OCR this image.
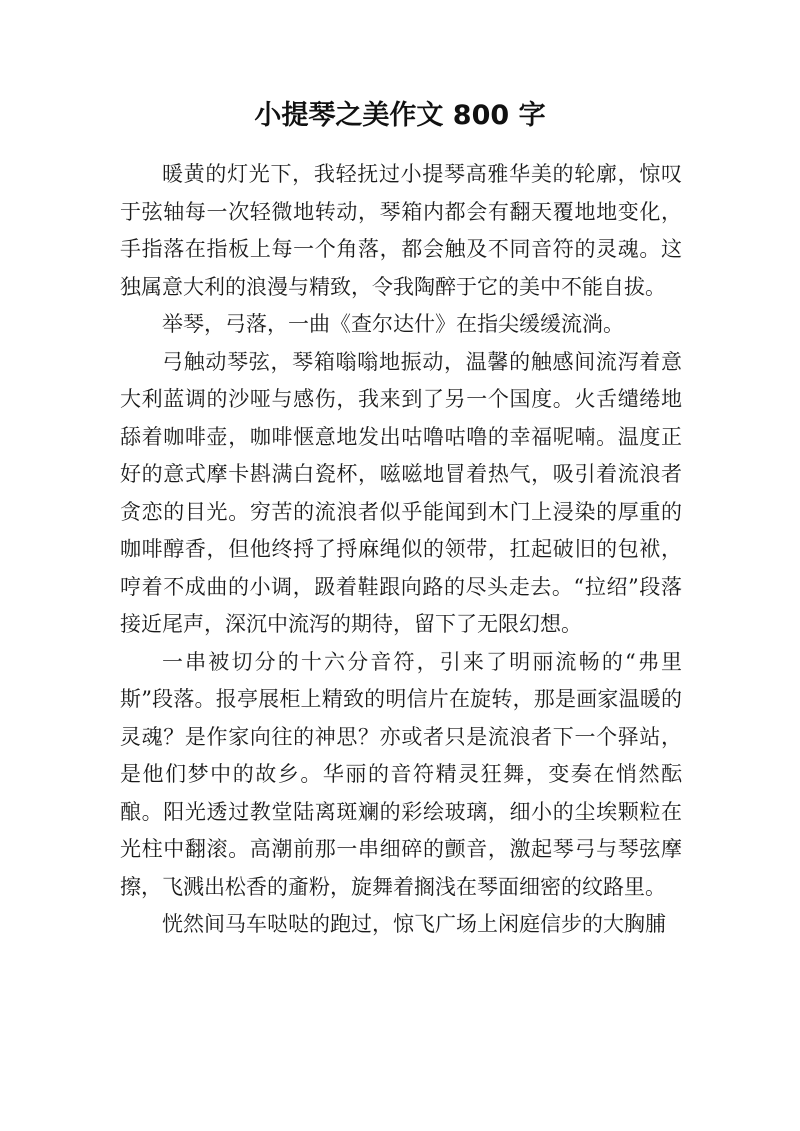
小提琴之美作文 800 字

暖黄的灯光下，我轻抚过小提琴高雅华美的轮廓，惊叹于弦轴每一次轻微地转动，琴箱内都会有翻天覆地地变化，手指落在指板上每一个角落，都会触及不同音符的灵魂。这独属意大利的浪漫与精致，令我陶醉于它的美中不能自拔。

举琴，弓落，一曲《查尔达什》在指尖缓缓流淌。

弓触动琴弦，琴箱嗡嗡地振动，温馨的触感间流泻着意大利蓝调的沙哑与感伤，我来到了另一个国度。火舌缱绻地舔着咖啡壶，咖啡惬意地发出咕噜咕噜的幸福呢喃。温度正好的意式摩卡斟满白瓷杯，嗞嗞地冒着热气，吸引着流浪者贪恋的目光。穷苦的流浪者似乎能闻到木门上浸染的厚重的咖啡醇香，但他终捋了捋麻绳似的领带，扛起破旧的包袱，哼着不成曲的小调，趿着鞋跟向路的尽头走去。“拉绍”段落接近尾声，深沉中流泻的期待，留下了无限幻想。

一串被切分的十六分音符，引来了明丽流畅的“弗里斯”段落。报亭展柜上精致的明信片在旋转，那是画家温暖的灵魂？是作家向往的神思？亦或者只是流浪者下一个驿站，是他们梦中的故乡。华丽的音符精灵狂舞，变奏在悄然酝酿。阳光透过教堂陆离斑斓的彩绘玻璃，细小的尘埃颗粒在光柱中翻滚。高潮前那一串细碎的颤音，激起琴弓与琴弦摩擦，飞溅出松香的齑粉，旋舞着搁浅在琴面细密的纹路里。

恍然间马车哒哒的跑过，惊飞广场上闲庭信步的大胸脯
